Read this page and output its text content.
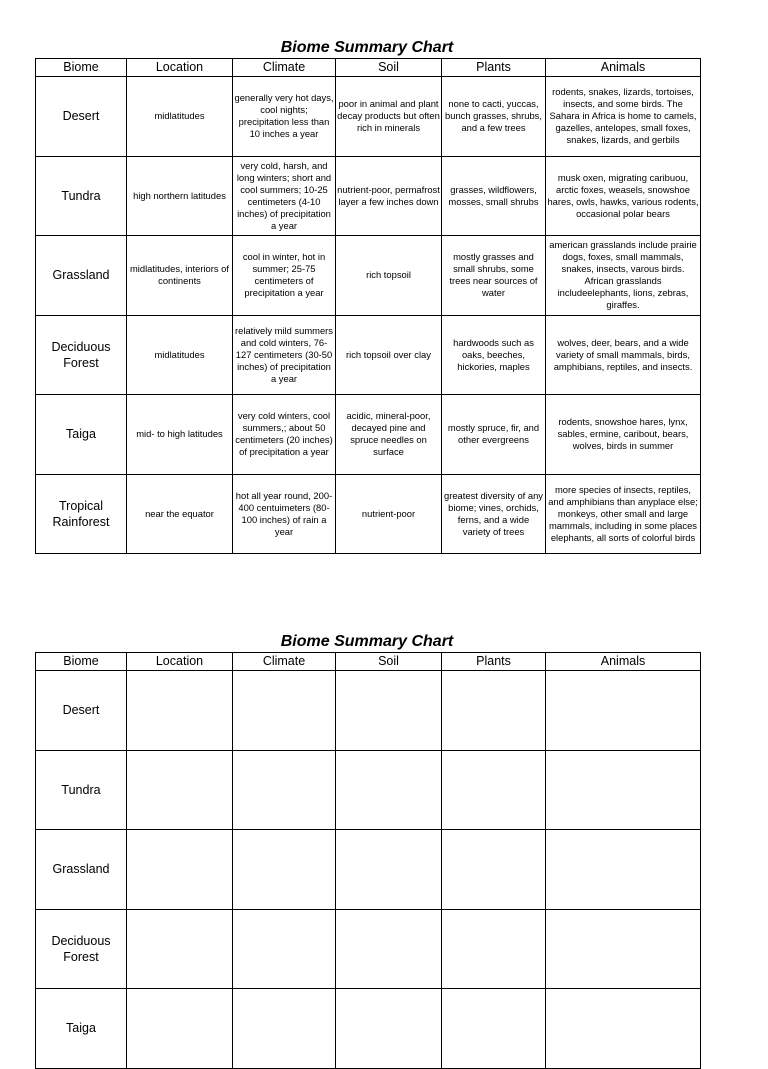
Biome Summary Chart
Biome	Location	Climate	Soil	Plants	Animals
Desert	midlatitudes	generally very hot days, cool nights; precipitation less than 10 inches a year	poor in animal and plant decay products but often rich in minerals	none to cacti, yuccas, bunch grasses, shrubs, and a few trees	rodents, snakes, lizards, tortoises, insects, and some birds. The Sahara in Africa is home to camels, gazelles, antelopes, small foxes, snakes, lizards, and gerbils
Tundra	high northern latitudes	very cold, harsh, and long winters; short and cool summers; 10-25 centimeters (4-10 inches) of precipitation a year	nutrient-poor, permafrost layer a few inches down	grasses, wildflowers, mosses, small shrubs	musk oxen, migrating caribuou, arctic foxes, weasels, snowshoe hares, owls, hawks, various rodents, occasional polar bears
Grassland	midlatitudes, interiors of continents	cool in winter, hot in summer; 25-75 centimeters of precipitation a year	rich topsoil	mostly grasses and small shrubs, some trees near sources of water	american grasslands include prairie dogs, foxes, small mammals, snakes, insects, varous birds. African grasslands includeelephants, lions, zebras, giraffes.
Deciduous Forest	midlatitudes	relatively mild summers and cold winters, 76-127 centimeters (30-50 inches) of precipitation a year	rich topsoil over clay	hardwoods such as oaks, beeches, hickories, maples	wolves, deer, bears, and a wide variety of small mammals, birds, amphibians, reptiles, and insects.
Taiga	mid- to high latitudes	very cold winters, cool summers,; about 50 centimeters (20 inches) of precipitation a year	acidic, mineral-poor, decayed pine and spruce needles on surface	mostly spruce, fir, and other evergreens	rodents, snowshoe hares, lynx, sables, ermine, caribout, bears, wolves, birds in summer
Tropical Rainforest	near the equator	hot all year round, 200-400 centuimeters (80-100 inches) of rain a year	nutrient-poor	greatest diversity of any biome; vines, orchids, ferns, and a wide variety of trees	more species of insects, reptiles, and amphibians than anyplace else; monkeys, other small and large mammals, including in some places elephants, all sorts of colorful birds
Biome Summary Chart
Biome	Location	Climate	Soil	Plants	Animals
Desert					
Tundra					
Grassland					
Deciduous Forest					
Taiga					
